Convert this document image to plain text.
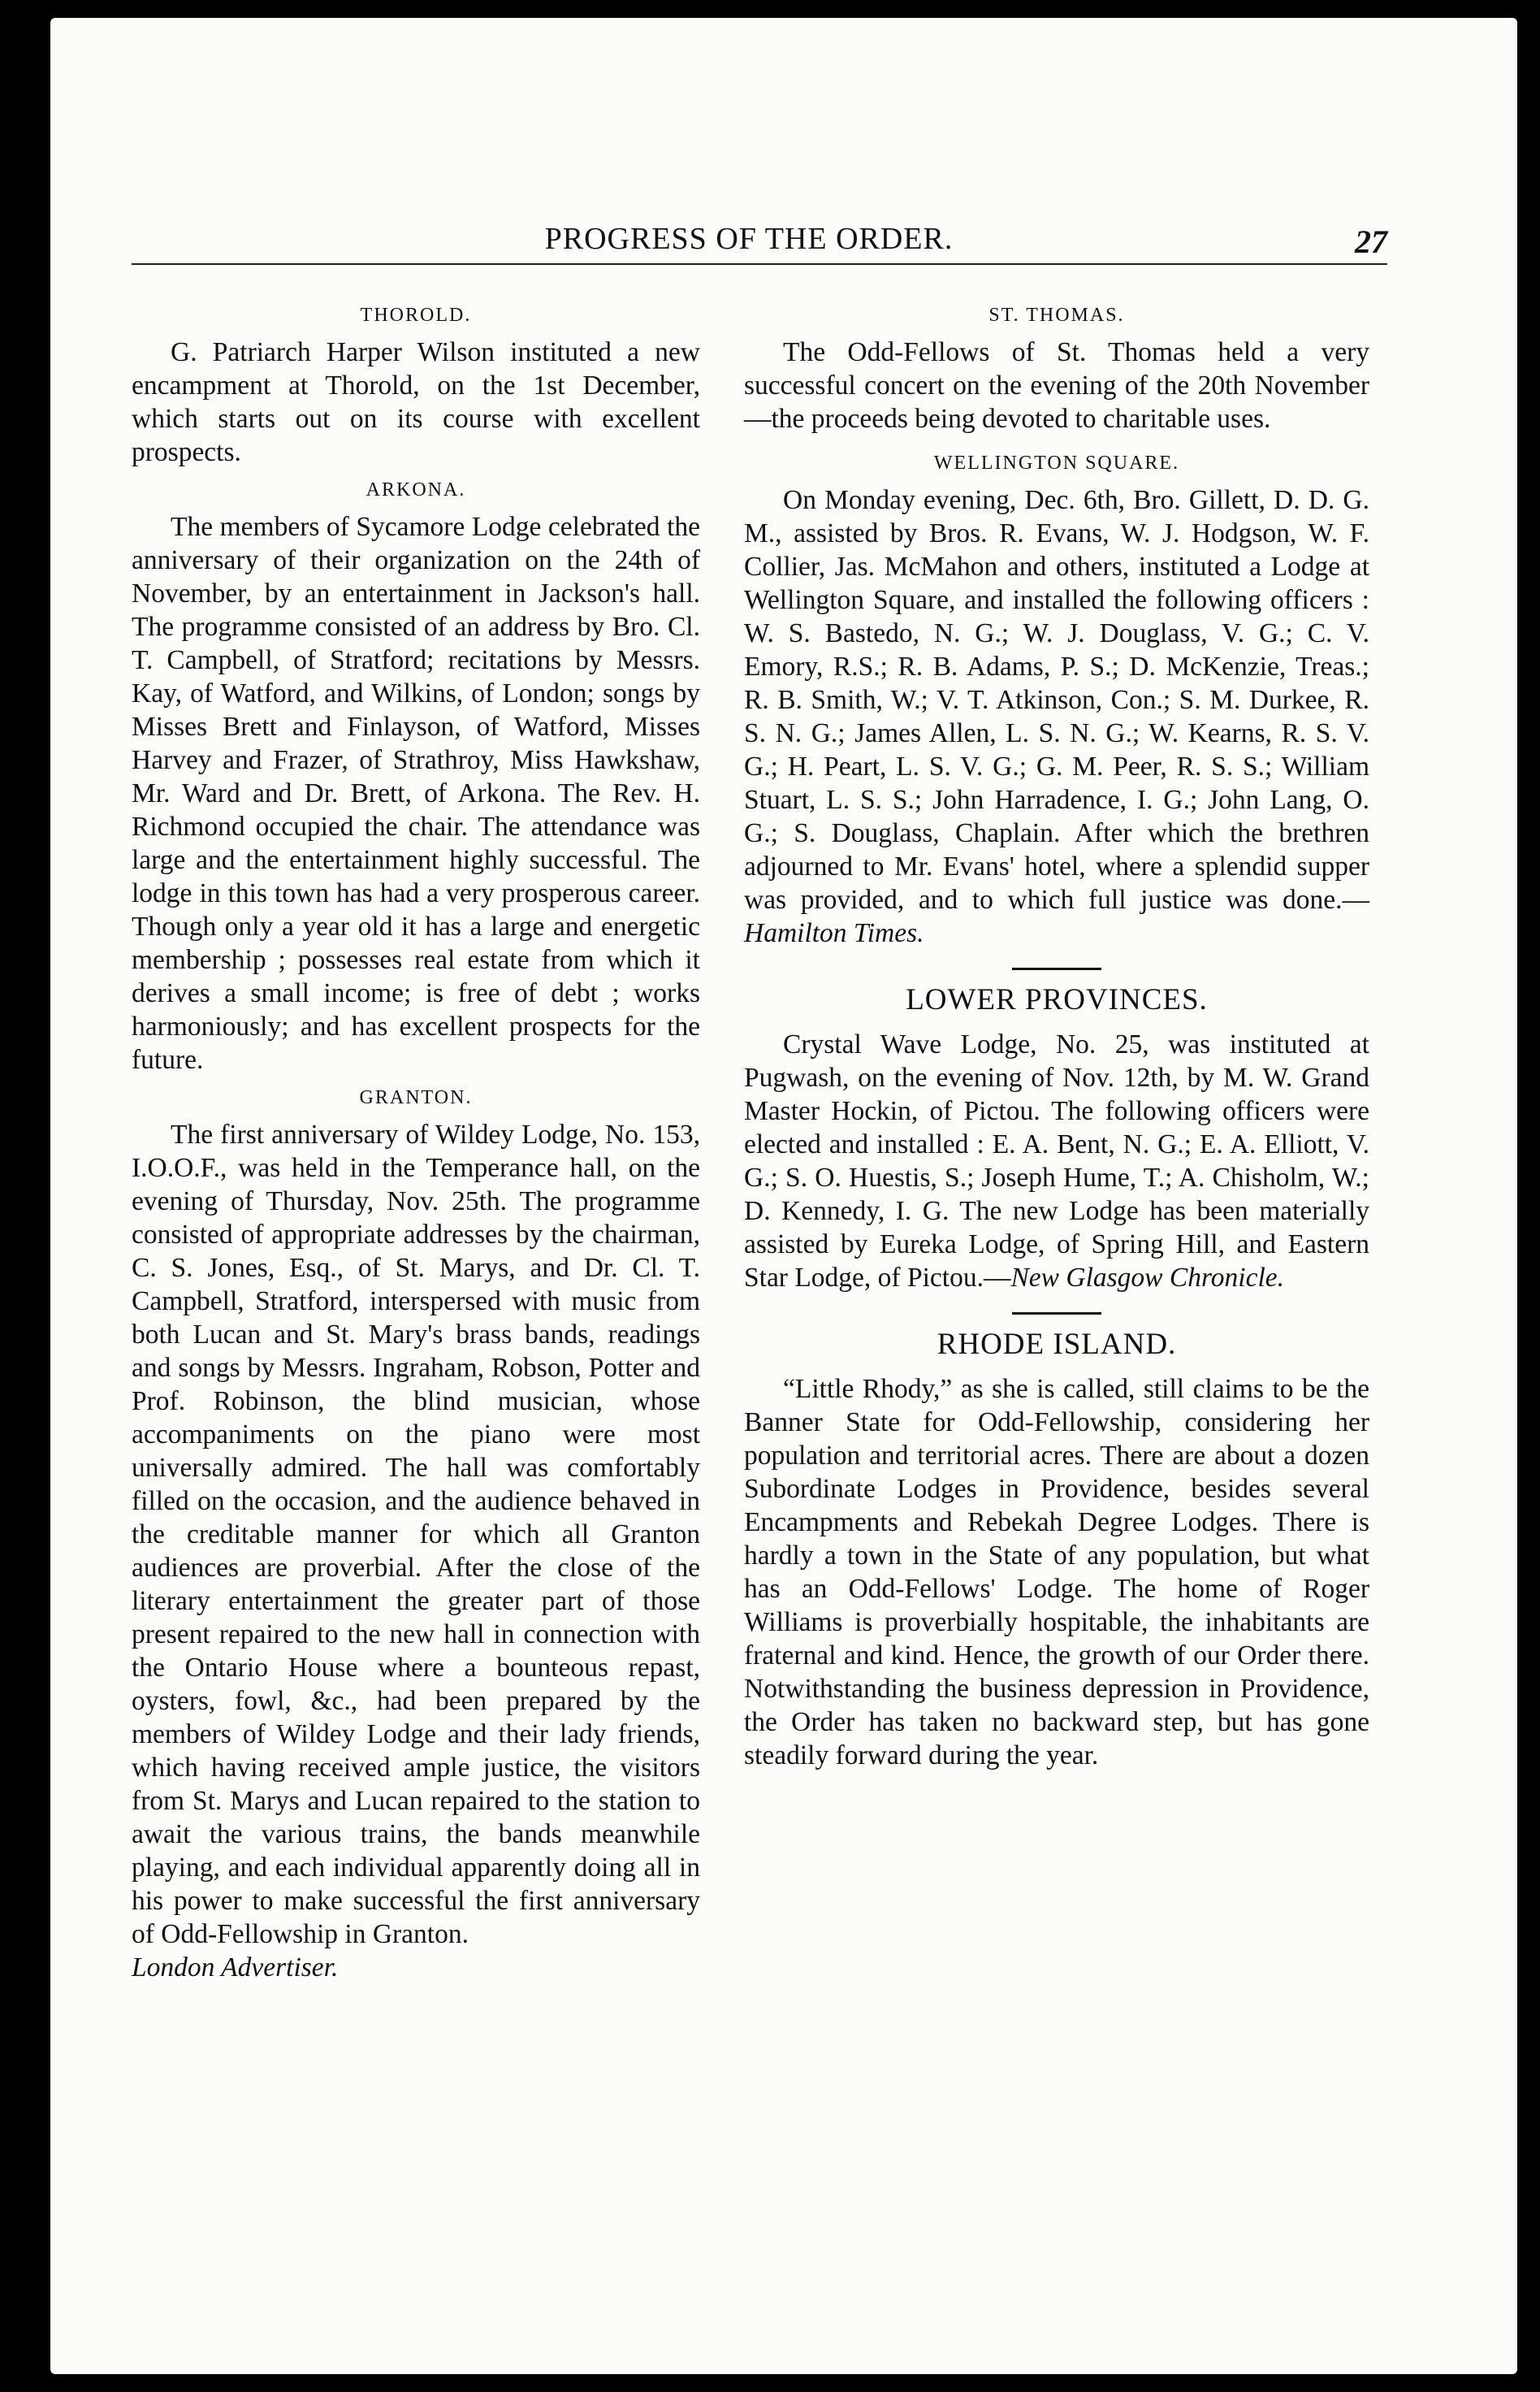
PROGRESS OF THE ORDER.	27
THOROLD.

G. Patriarch Harper Wilson instituted a new encampment at Thorold, on the 1st December, which starts out on its course with excellent prospects.

ARKONA.

The members of Sycamore Lodge celebrated the anniversary of their organization on the 24th of November, by an entertainment in Jackson's hall. The programme consisted of an address by Bro. Cl. T. Campbell, of Stratford; recitations by Messrs. Kay, of Watford, and Wilkins, of London; songs by Misses Brett and Finlayson, of Watford, Misses Harvey and Frazer, of Strathroy, Miss Hawkshaw, Mr. Ward and Dr. Brett, of Arkona. The Rev. H. Richmond occupied the chair. The attendance was large and the entertainment highly successful. The lodge in this town has had a very prosperous career. Though only a year old it has a large and energetic membership ; possesses real estate from which it derives a small income; is free of debt ; works harmoniously; and has excellent prospects for the future.

GRANTON.

The first anniversary of Wildey Lodge, No. 153, I.O.O.F., was held in the Temperance hall, on the evening of Thursday, Nov. 25th. The programme consisted of appropriate addresses by the chairman, C. S. Jones, Esq., of St. Marys, and Dr. Cl. T. Campbell, Stratford, interspersed with music from both Lucan and St. Mary's brass bands, readings and songs by Messrs. Ingraham, Robson, Potter and Prof. Robinson, the blind musician, whose accompaniments on the piano were most universally admired. The hall was comfortably filled on the occasion, and the audience behaved in the creditable manner for which all Granton audiences are proverbial. After the close of the literary entertainment the greater part of those present repaired to the new hall in connection with the Ontario House where a bounteous repast, oysters, fowl, &c., had been prepared by the members of Wildey Lodge and their lady friends, which having received ample justice, the visitors from St. Marys and Lucan repaired to the station to await the various trains, the bands meanwhile playing, and each individual apparently doing all in his power to make successful the first anniversary of Odd-Fellowship in Granton.
London Advertiser.

ST. THOMAS.

The Odd-Fellows of St. Thomas held a very successful concert on the evening of the 20th November—the proceeds being devoted to charitable uses.

WELLINGTON SQUARE.

On Monday evening, Dec. 6th, Bro. Gillett, D. D. G. M., assisted by Bros. R. Evans, W. J. Hodgson, W. F. Collier, Jas. McMahon and others, instituted a Lodge at Wellington Square, and installed the following officers : W. S. Bastedo, N. G.; W. J. Douglass, V. G.; C. V. Emory, R.S.; R. B. Adams, P. S.; D. McKenzie, Treas.; R. B. Smith, W.; V. T. Atkinson, Con.; S. M. Durkee, R. S. N. G.; James Allen, L. S. N. G.; W. Kearns, R. S. V. G.; H. Peart, L. S. V. G.; G. M. Peer, R. S. S.; William Stuart, L. S. S.; John Harradence, I. G.; John Lang, O. G.; S. Douglass, Chaplain. After which the brethren adjourned to Mr. Evans' hotel, where a splendid supper was provided, and to which full justice was done.—Hamilton Times.

LOWER PROVINCES.

Crystal Wave Lodge, No. 25, was instituted at Pugwash, on the evening of Nov. 12th, by M. W. Grand Master Hockin, of Pictou. The following officers were elected and installed : E. A. Bent, N. G.; E. A. Elliott, V. G.; S. O. Huestis, S.; Joseph Hume, T.; A. Chisholm, W.; D. Kennedy, I. G. The new Lodge has been materially assisted by Eureka Lodge, of Spring Hill, and Eastern Star Lodge, of Pictou.—New Glasgow Chronicle.

RHODE ISLAND.

“Little Rhody,” as she is called, still claims to be the Banner State for Odd-Fellowship, considering her population and territorial acres. There are about a dozen Subordinate Lodges in Providence, besides several Encampments and Rebekah Degree Lodges. There is hardly a town in the State of any population, but what has an Odd-Fellows' Lodge. The home of Roger Williams is proverbially hospitable, the inhabitants are fraternal and kind. Hence, the growth of our Order there. Notwithstanding the business depression in Providence, the Order has taken no backward step, but has gone steadily forward during the year.
